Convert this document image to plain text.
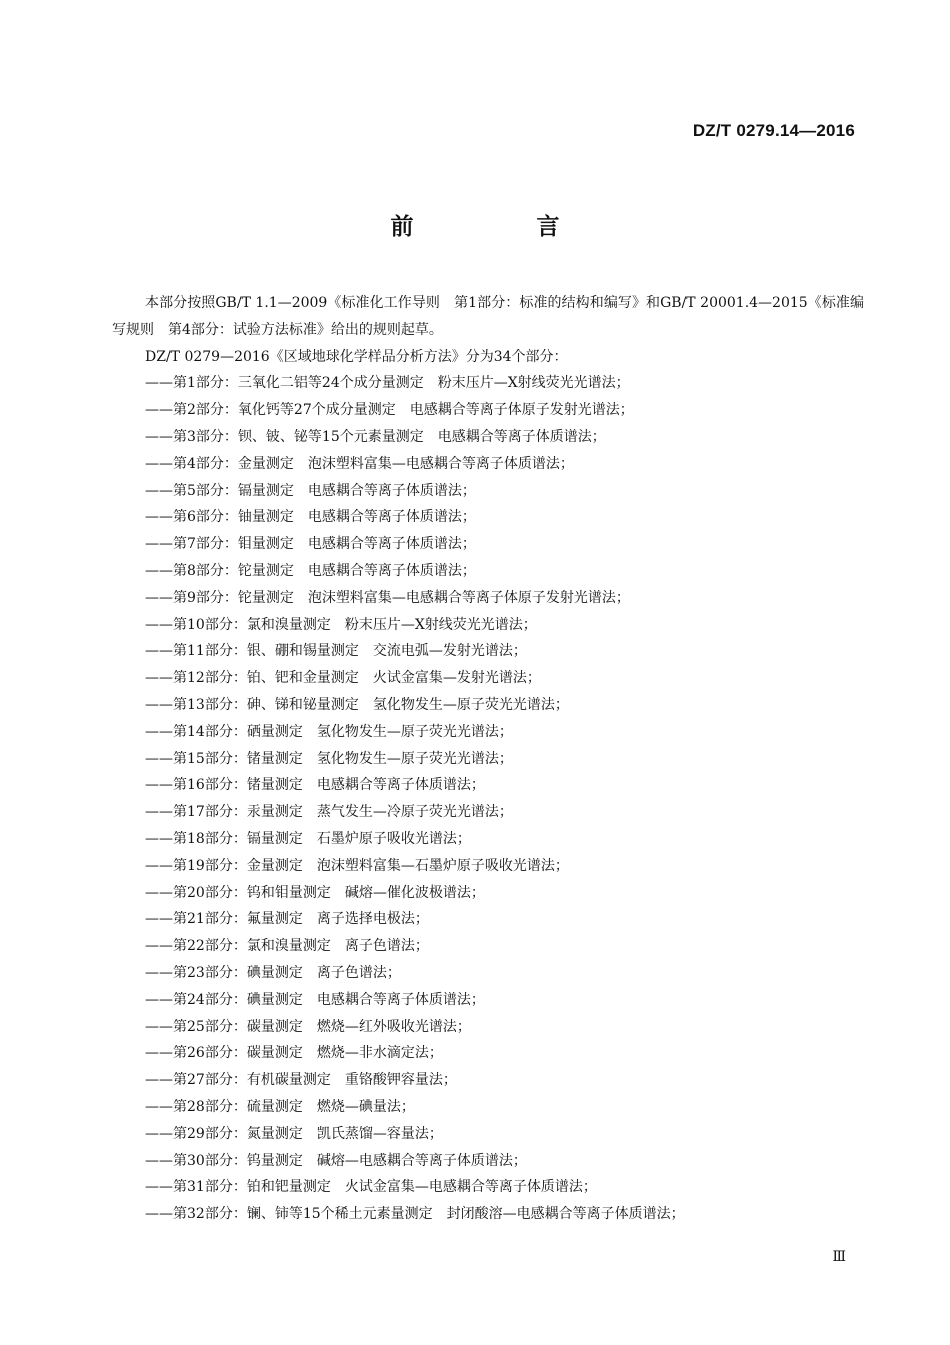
DZ/T 0279.14—2016
前　言

本部分按照GB/T 1.1—2009《标准化工作导则　第1部分：标准的结构和编写》和GB/T 20001.4—2015《标准编写规则　第4部分：试验方法标准》给出的规则起草。

DZ/T 0279—2016《区域地球化学样品分析方法》分为34个部分：

——第1部分：三氧化二铝等24个成分量测定　粉末压片—X射线荧光光谱法；
——第2部分：氧化钙等27个成分量测定　电感耦合等离子体原子发射光谱法；
——第3部分：钡、铍、铋等15个元素量测定　电感耦合等离子体质谱法；
——第4部分：金量测定　泡沫塑料富集—电感耦合等离子体质谱法；
——第5部分：镉量测定　电感耦合等离子体质谱法；
——第6部分：铀量测定　电感耦合等离子体质谱法；
——第7部分：钼量测定　电感耦合等离子体质谱法；
——第8部分：铊量测定　电感耦合等离子体质谱法；
——第9部分：铊量测定　泡沫塑料富集—电感耦合等离子体原子发射光谱法；
——第10部分：氯和溴量测定　粉末压片—X射线荧光光谱法；
——第11部分：银、硼和锡量测定　交流电弧—发射光谱法；
——第12部分：铂、钯和金量测定　火试金富集—发射光谱法；
——第13部分：砷、锑和铋量测定　氢化物发生—原子荧光光谱法；
——第14部分：硒量测定　氢化物发生—原子荧光光谱法；
——第15部分：锗量测定　氢化物发生—原子荧光光谱法；
——第16部分：锗量测定　电感耦合等离子体质谱法；
——第17部分：汞量测定　蒸气发生—冷原子荧光光谱法；
——第18部分：镉量测定　石墨炉原子吸收光谱法；
——第19部分：金量测定　泡沫塑料富集—石墨炉原子吸收光谱法；
——第20部分：钨和钼量测定　碱熔—催化波极谱法；
——第21部分：氟量测定　离子选择电极法；
——第22部分：氯和溴量测定　离子色谱法；
——第23部分：碘量测定　离子色谱法；
——第24部分：碘量测定　电感耦合等离子体质谱法；
——第25部分：碳量测定　燃烧—红外吸收光谱法；
——第26部分：碳量测定　燃烧—非水滴定法；
——第27部分：有机碳量测定　重铬酸钾容量法；
——第28部分：硫量测定　燃烧—碘量法；
——第29部分：氮量测定　凯氏蒸馏—容量法；
——第30部分：钨量测定　碱熔—电感耦合等离子体质谱法；
——第31部分：铂和钯量测定　火试金富集—电感耦合等离子体质谱法；
——第32部分：镧、铈等15个稀土元素量测定　封闭酸溶—电感耦合等离子体质谱法；
Ⅲ
